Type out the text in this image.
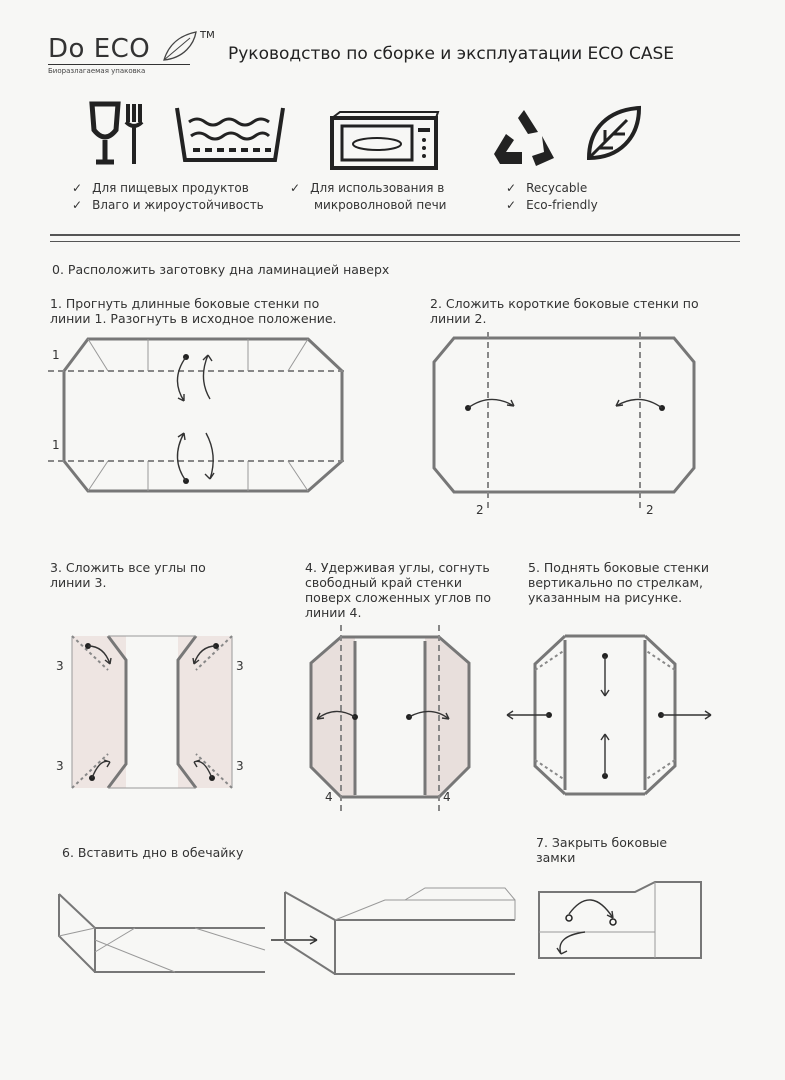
Do ECO	TM
Биоразлагаемая упаковка
Руководство по сборке и эксплуатации ECO CASE
✓ Для пищевых продуктов
✓ Влаго и жироустойчивость
✓ Для использования в
микроволновой печи
✓ Recycable
✓ Eco-friendly
0. Расположить заготовку дна ламинацией наверх
1. Прогнуть длинные боковые стенки по линии 1. Разогнуть в исходное положение.
2. Сложить короткие боковые стенки по линии 2.
3. Сложить все углы по линии 3.
4. Удерживая углы, согнуть свободный край стенки поверх сложенных углов по линии 4.
5. Поднять боковые стенки вертикально по стрелкам, указанным на рисунке.
6. Вставить дно в обечайку
7. Закрыть боковые замки
1
1
2	2
3	3
3	3
4	4
